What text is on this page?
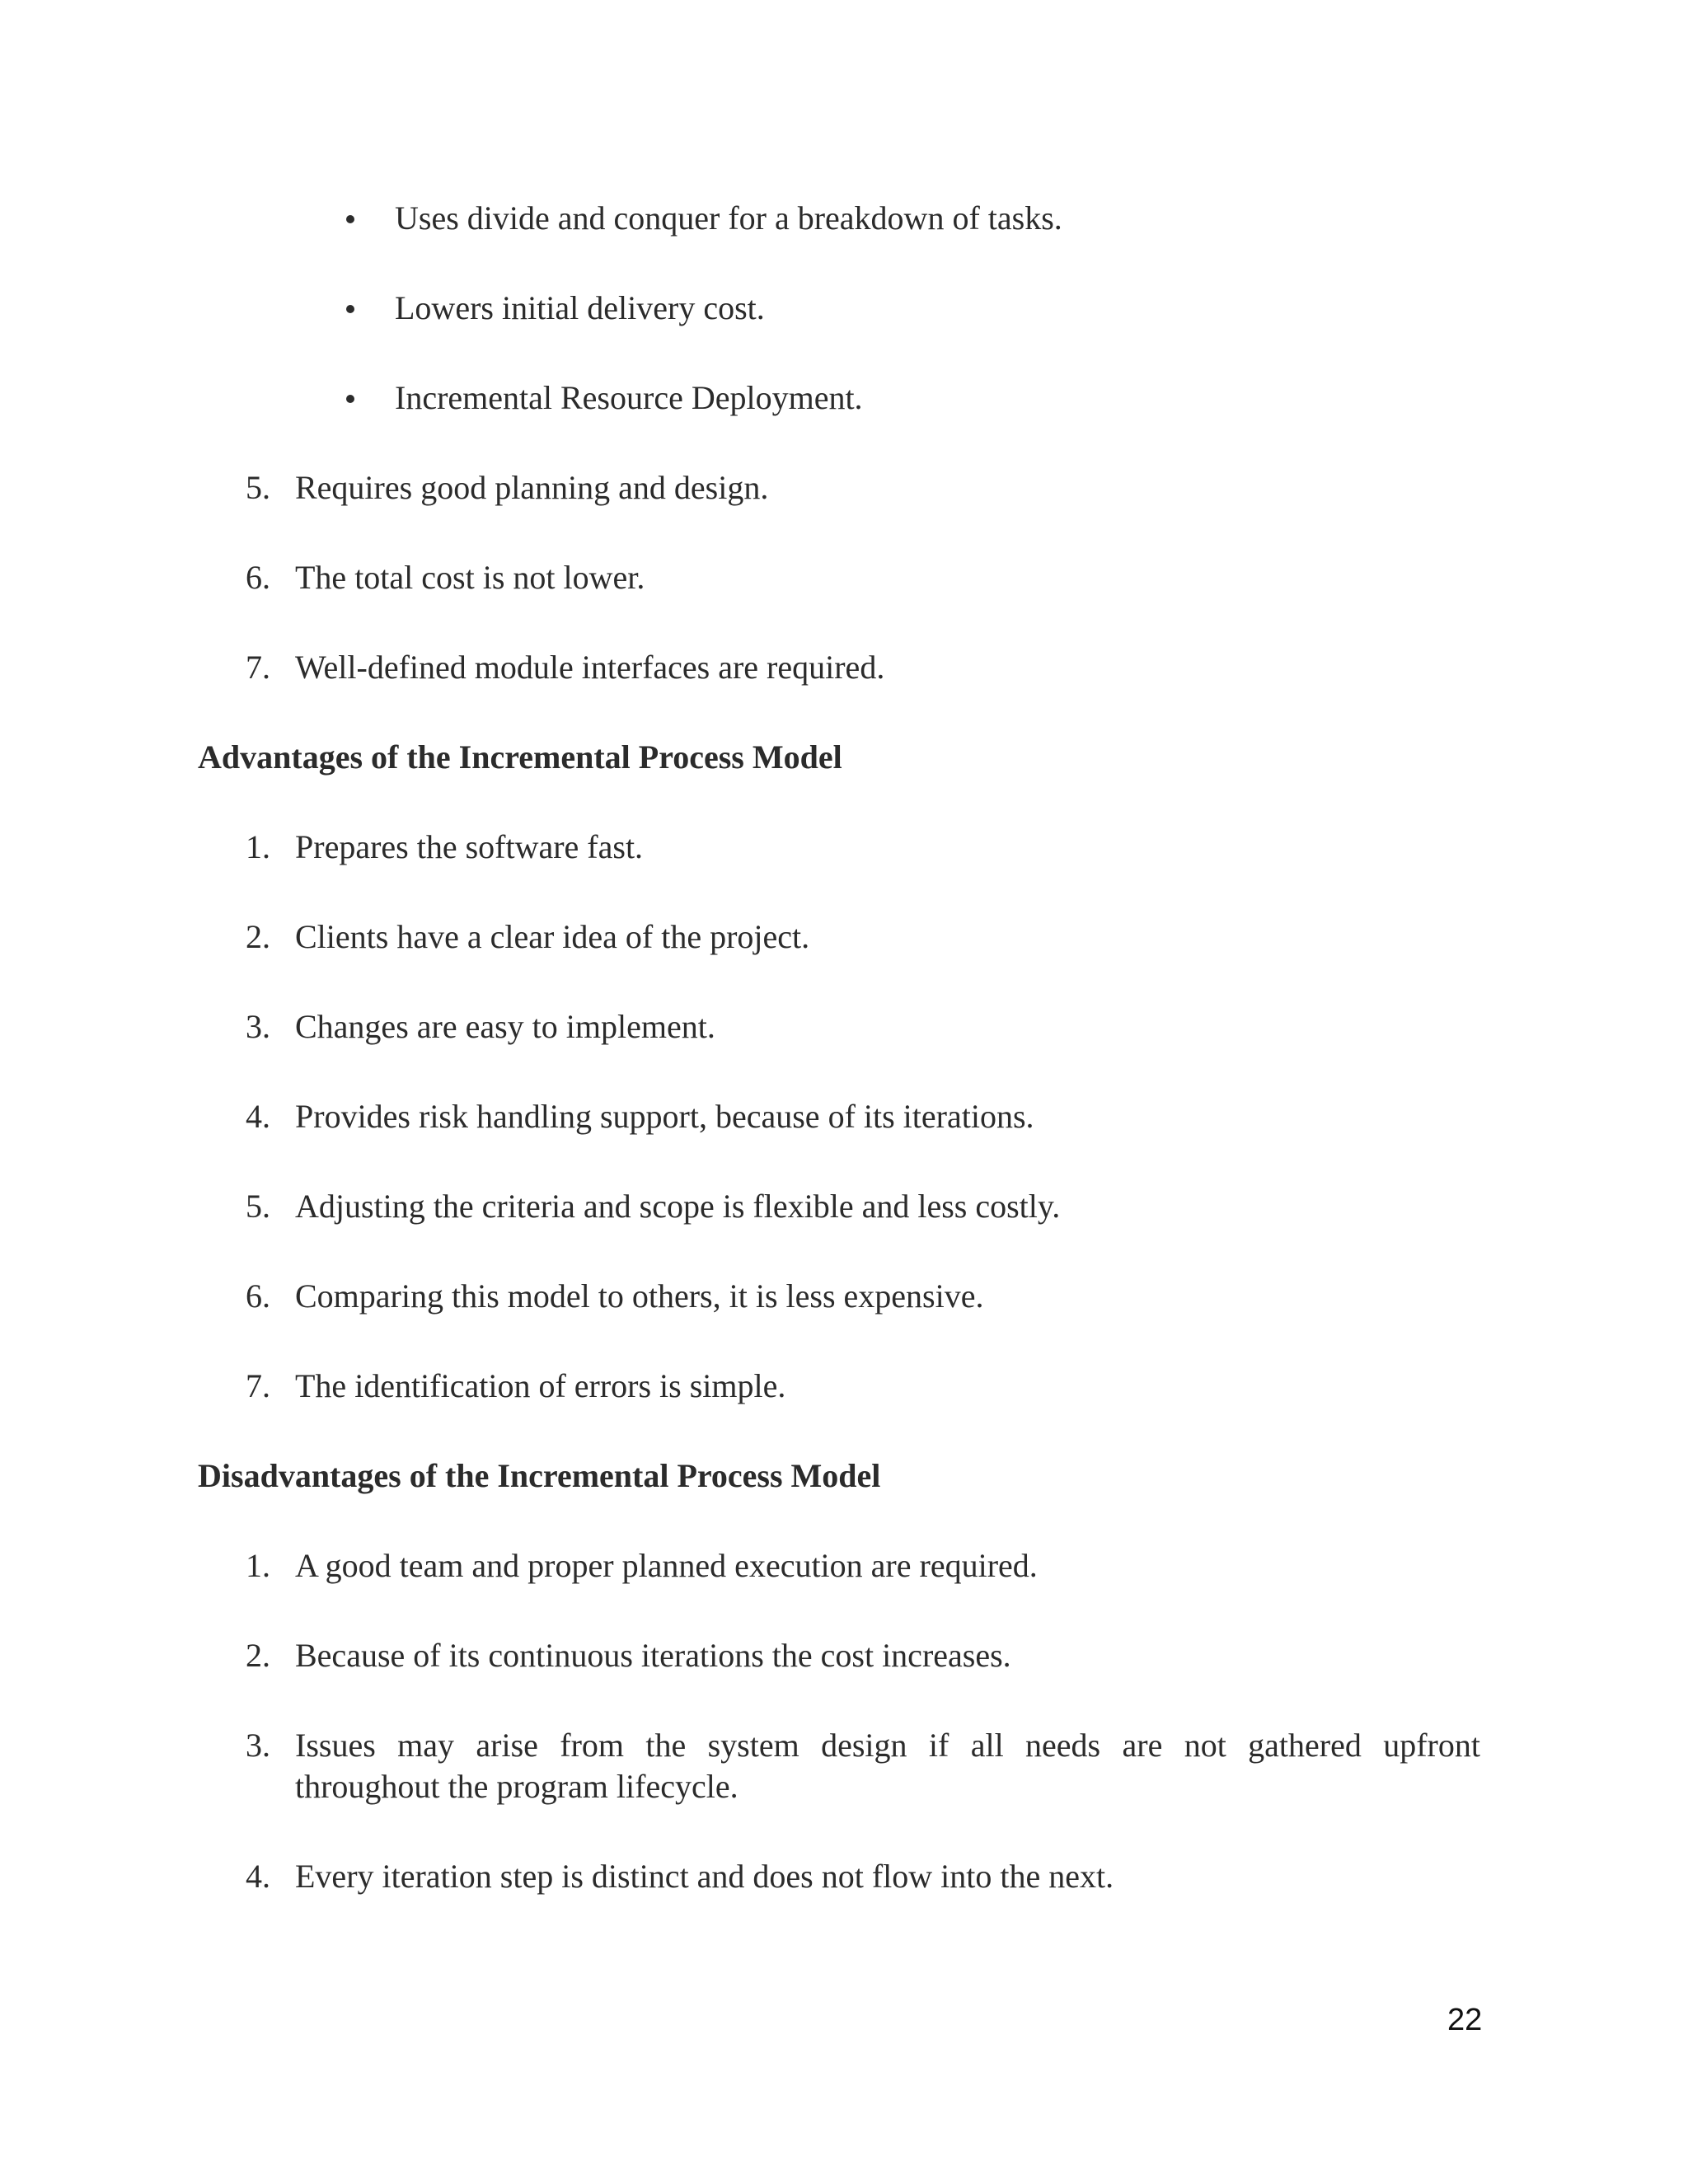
Uses divide and conquer for a breakdown of tasks.
Lowers initial delivery cost.
Incremental Resource Deployment.
5. Requires good planning and design.
6. The total cost is not lower.
7. Well-defined module interfaces are required.
Advantages of the Incremental Process Model
1. Prepares the software fast.
2. Clients have a clear idea of the project.
3. Changes are easy to implement.
4. Provides risk handling support, because of its iterations.
5. Adjusting the criteria and scope is flexible and less costly.
6. Comparing this model to others, it is less expensive.
7. The identification of errors is simple.
Disadvantages of the Incremental Process Model
1. A good team and proper planned execution are required.
2. Because of its continuous iterations the cost increases.
3. Issues may arise from the system design if all needs are not gathered upfront
throughout the program lifecycle.
4. Every iteration step is distinct and does not flow into the next.
22
